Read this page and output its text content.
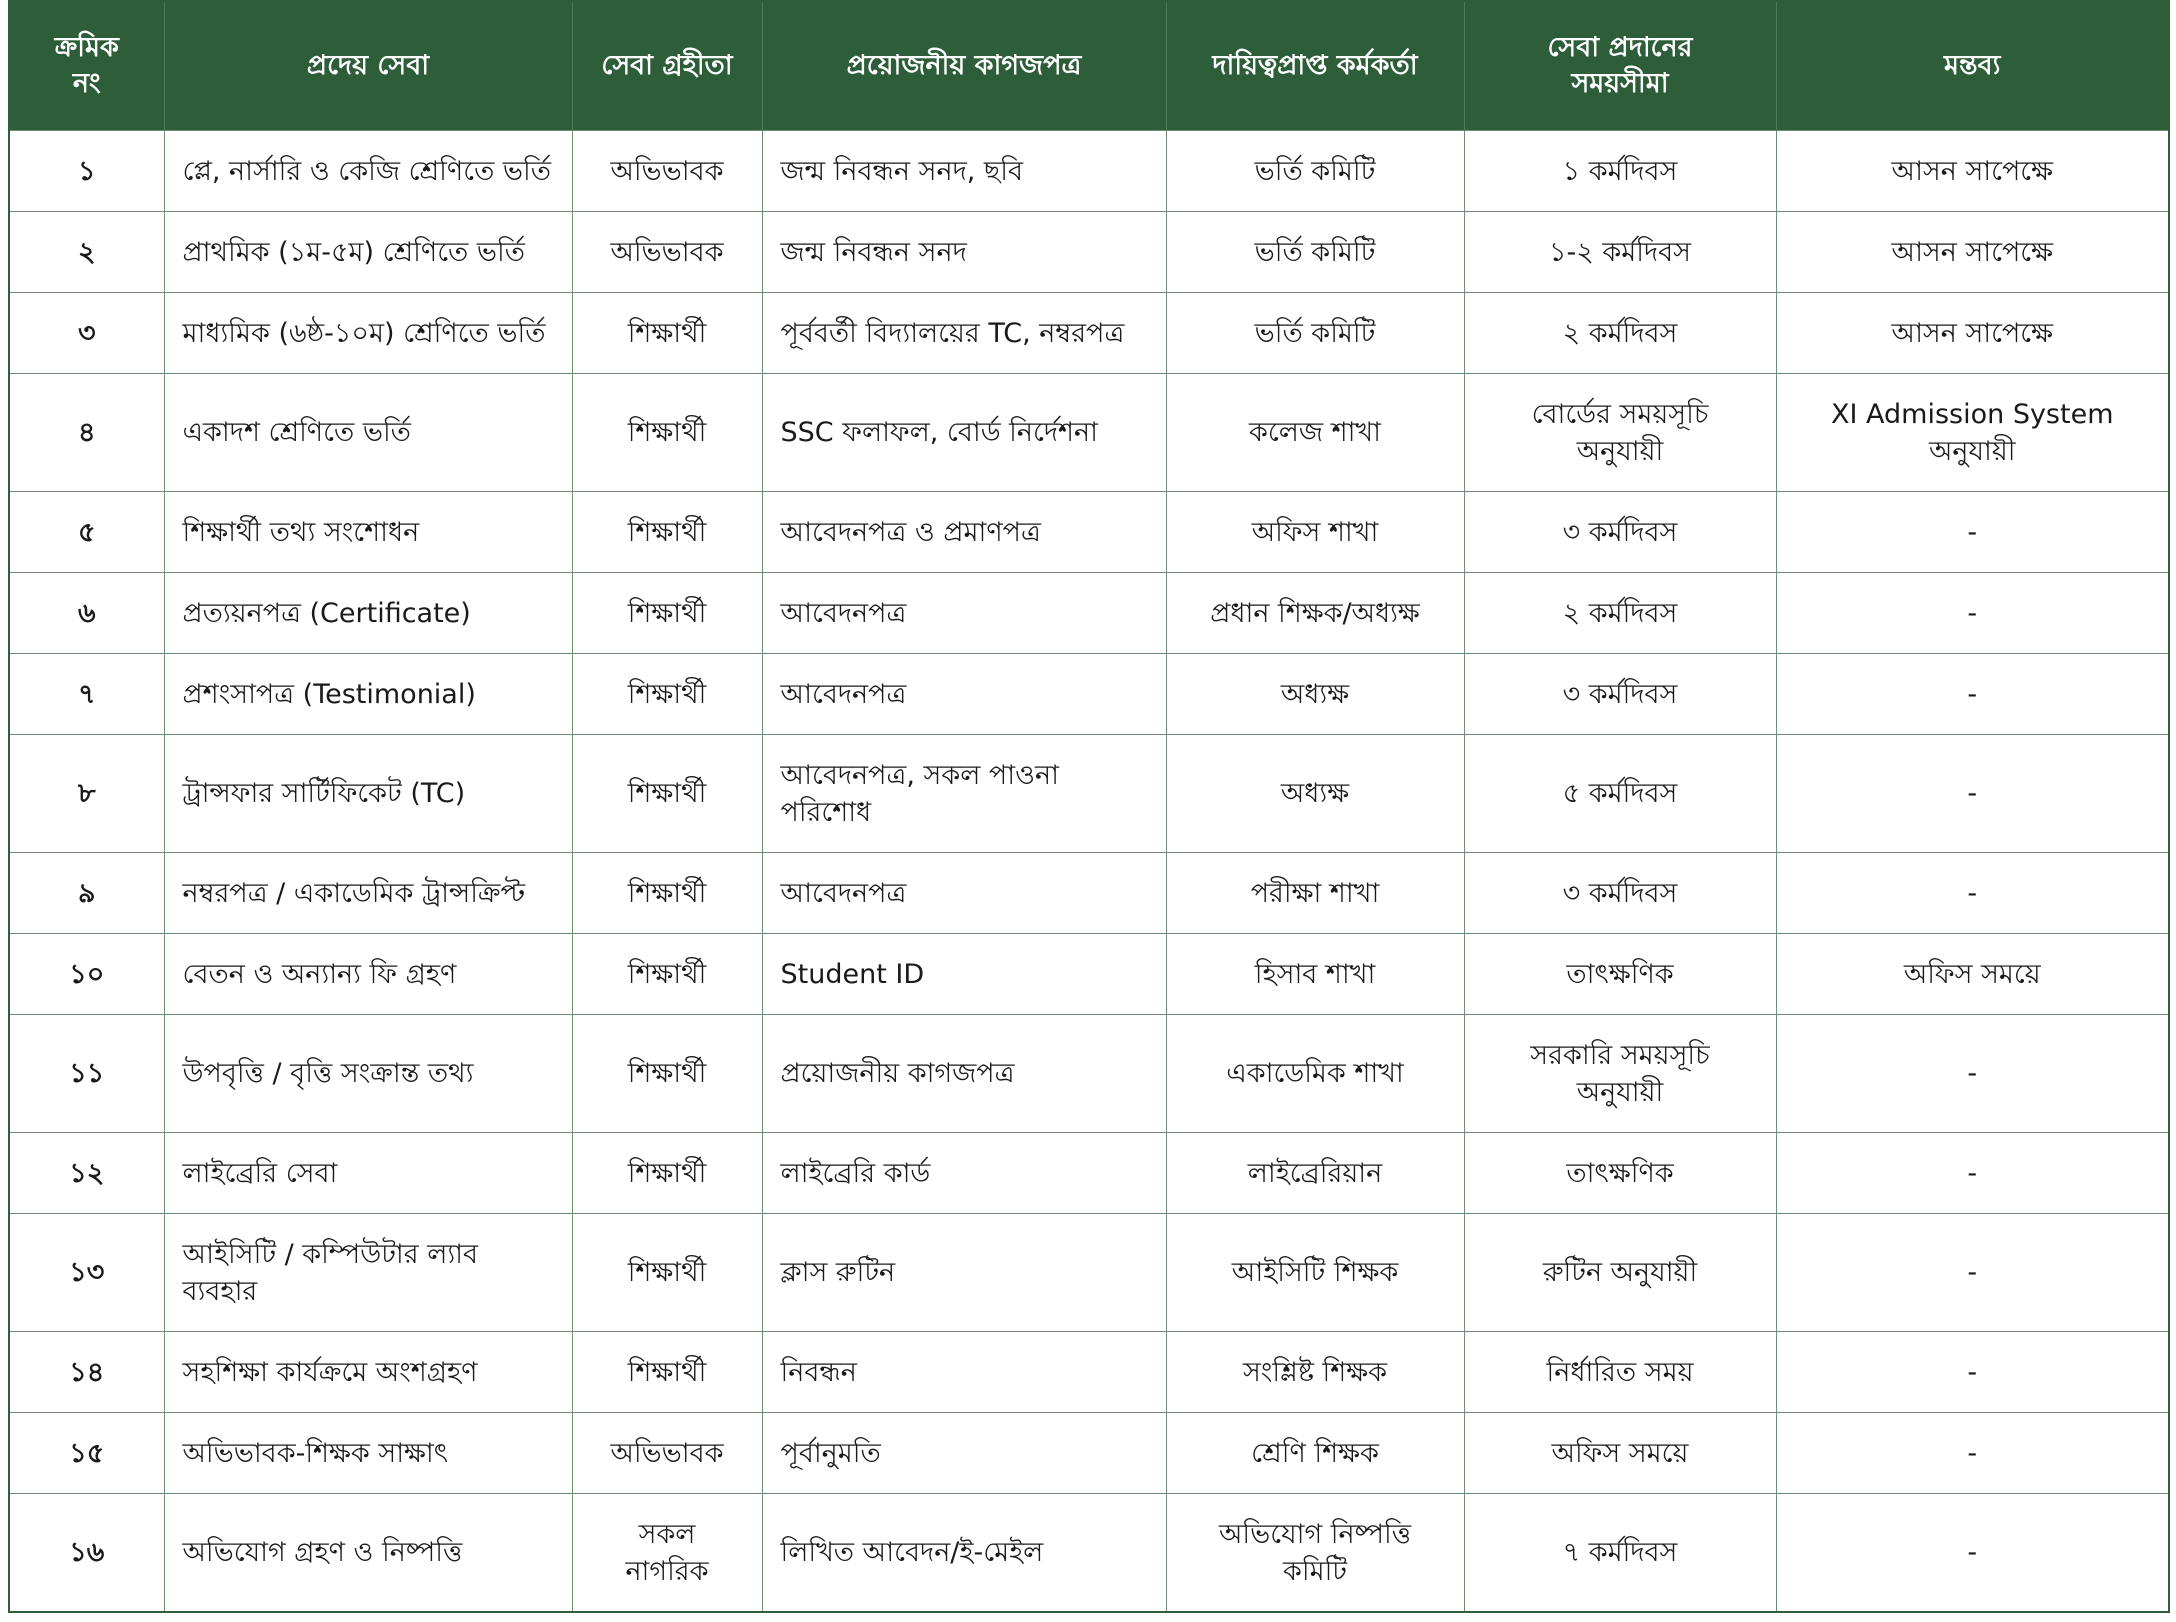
ক্রমিক
নং	প্রদেয় সেবা	সেবা গ্রহীতা	প্রয়োজনীয় কাগজপত্র	দায়িত্বপ্রাপ্ত কর্মকর্তা	সেবা প্রদানের
সময়সীমা	মন্তব্য
১	প্লে, নার্সারি ও কেজি শ্রেণিতে ভর্তি	অভিভাবক	জন্ম নিবন্ধন সনদ, ছবি	ভর্তি কমিটি	১ কর্মদিবস	আসন সাপেক্ষে
২	প্রাথমিক (১ম-৫ম) শ্রেণিতে ভর্তি	অভিভাবক	জন্ম নিবন্ধন সনদ	ভর্তি কমিটি	১-২ কর্মদিবস	আসন সাপেক্ষে
৩	মাধ্যমিক (৬ষ্ঠ-১০ম) শ্রেণিতে ভর্তি	শিক্ষার্থী	পূর্ববর্তী বিদ্যালয়ের TC, নম্বরপত্র	ভর্তি কমিটি	২ কর্মদিবস	আসন সাপেক্ষে
৪	একাদশ শ্রেণিতে ভর্তি	শিক্ষার্থী	SSC ফলাফল, বোর্ড নির্দেশনা	কলেজ শাখা	বোর্ডের সময়সূচি
অনুযায়ী	XI Admission System
অনুযায়ী
৫	শিক্ষার্থী তথ্য সংশোধন	শিক্ষার্থী	আবেদনপত্র ও প্রমাণপত্র	অফিস শাখা	৩ কর্মদিবস	-
৬	প্রত্যয়নপত্র (Certificate)	শিক্ষার্থী	আবেদনপত্র	প্রধান শিক্ষক/অধ্যক্ষ	২ কর্মদিবস	-
৭	প্রশংসাপত্র (Testimonial)	শিক্ষার্থী	আবেদনপত্র	অধ্যক্ষ	৩ কর্মদিবস	-
৮	ট্রান্সফার সার্টিফিকেট (TC)	শিক্ষার্থী	আবেদনপত্র, সকল পাওনা
পরিশোধ	অধ্যক্ষ	৫ কর্মদিবস	-
৯	নম্বরপত্র / একাডেমিক ট্রান্সক্রিপ্ট	শিক্ষার্থী	আবেদনপত্র	পরীক্ষা শাখা	৩ কর্মদিবস	-
১০	বেতন ও অন্যান্য ফি গ্রহণ	শিক্ষার্থী	Student ID	হিসাব শাখা	তাৎক্ষণিক	অফিস সময়ে
১১	উপবৃত্তি / বৃত্তি সংক্রান্ত তথ্য	শিক্ষার্থী	প্রয়োজনীয় কাগজপত্র	একাডেমিক শাখা	সরকারি সময়সূচি
অনুযায়ী	-
১২	লাইব্রেরি সেবা	শিক্ষার্থী	লাইব্রেরি কার্ড	লাইব্রেরিয়ান	তাৎক্ষণিক	-
১৩	আইসিটি / কম্পিউটার ল্যাব
ব্যবহার	শিক্ষার্থী	ক্লাস রুটিন	আইসিটি শিক্ষক	রুটিন অনুযায়ী	-
১৪	সহশিক্ষা কার্যক্রমে অংশগ্রহণ	শিক্ষার্থী	নিবন্ধন	সংশ্লিষ্ট শিক্ষক	নির্ধারিত সময়	-
১৫	অভিভাবক-শিক্ষক সাক্ষাৎ	অভিভাবক	পূর্বানুমতি	শ্রেণি শিক্ষক	অফিস সময়ে	-
১৬	অভিযোগ গ্রহণ ও নিষ্পত্তি	সকল
নাগরিক	লিখিত আবেদন/ই-মেইল	অভিযোগ নিষ্পত্তি
কমিটি	৭ কর্মদিবস	-
